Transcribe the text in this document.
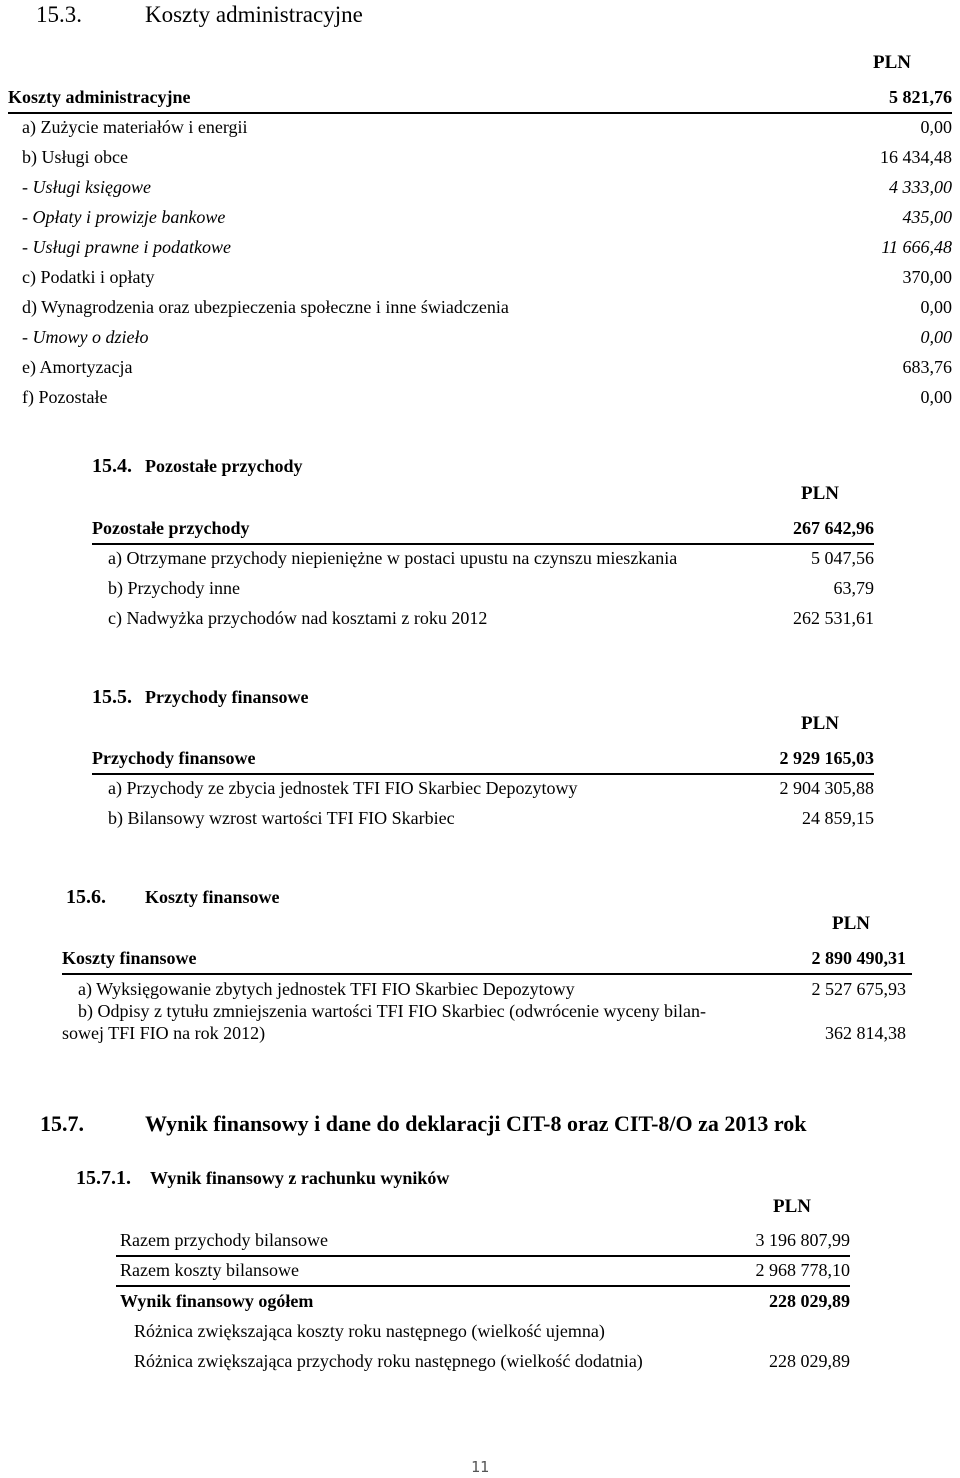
15.3.	Koszty administracyjne
PLN
Koszty administracyjne	5 821,76
a) Zużycie materiałów i energii	0,00
b) Usługi obce	16 434,48
- Usługi księgowe	4 333,00
- Opłaty i prowizje bankowe	435,00
- Usługi prawne i podatkowe	11 666,48
c) Podatki i opłaty	370,00
d) Wynagrodzenia oraz ubezpieczenia społeczne i inne świadczenia	0,00
- Umowy o dzieło	0,00
e) Amortyzacja	683,76
f) Pozostałe	0,00
15.4. Pozostałe przychody
PLN
Pozostałe przychody	267 642,96
a) Otrzymane przychody niepieniężne w postaci upustu na czynszu mieszkania	5 047,56
b) Przychody inne	63,79
c) Nadwyżka przychodów nad kosztami z roku 2012	262 531,61
15.5. Przychody finansowe
PLN
Przychody finansowe	2 929 165,03
a) Przychody ze zbycia jednostek TFI FIO Skarbiec Depozytowy	2 904 305,88
b) Bilansowy wzrost wartości TFI FIO Skarbiec	24 859,15
15.6. Koszty finansowe
PLN
Koszty finansowe	2 890 490,31
a) Wyksięgowanie zbytych jednostek TFI FIO Skarbiec Depozytowy	2 527 675,93
b) Odpisy z tytułu zmniejszenia wartości TFI FIO Skarbiec (odwrócenie wyceny bilan-
sowej TFI FIO na rok 2012)	362 814,38
15.7.	Wynik finansowy i dane do deklaracji CIT-8 oraz CIT-8/O za 2013 rok
15.7.1. Wynik finansowy z rachunku wyników
PLN
Razem przychody bilansowe	3 196 807,99
Razem koszty bilansowe	2 968 778,10
Wynik finansowy ogółem	228 029,89
Różnica zwiększająca koszty roku następnego (wielkość ujemna)
Różnica zwiększająca przychody roku następnego (wielkość dodatnia)	228 029,89
11
